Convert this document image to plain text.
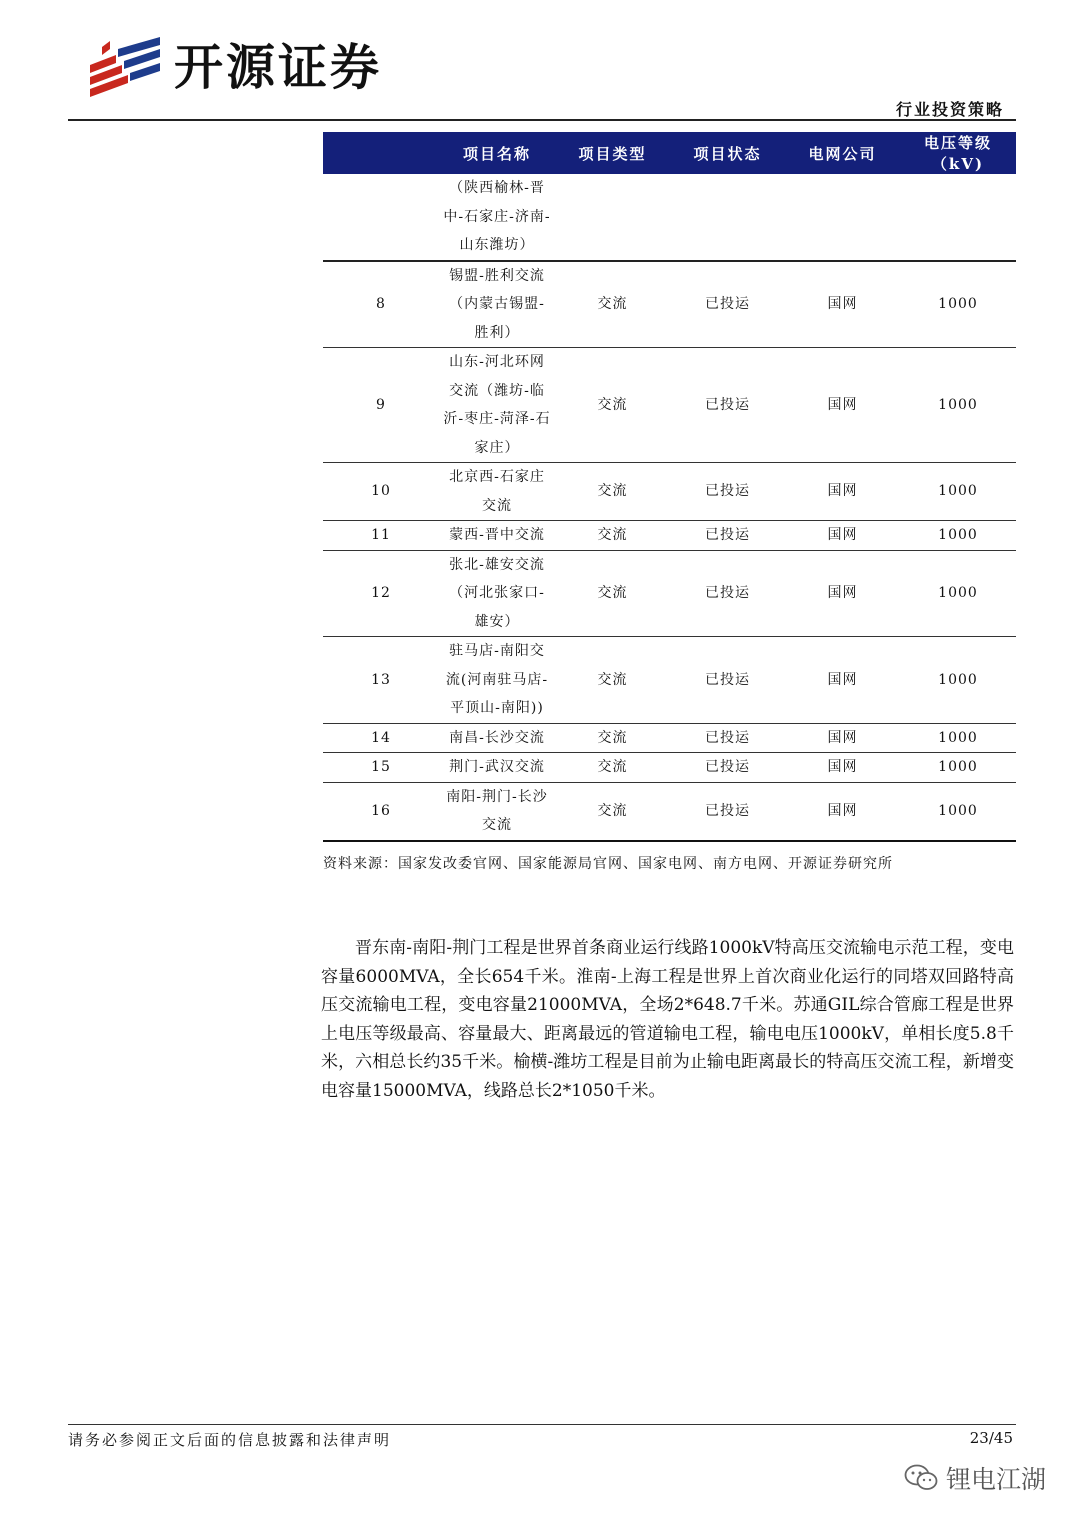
开源证券
行业投资策略
	项目名称	项目类型	项目状态	电网公司	电压等级（kV)
	（陕西榆林-晋中-石家庄-济南-山东潍坊）				
8	锡盟-胜利交流（内蒙古锡盟-胜利）	交流	已投运	国网	1000
9	山东-河北环网交流（潍坊-临沂-枣庄-菏泽-石家庄）	交流	已投运	国网	1000
10	北京西-石家庄交流	交流	已投运	国网	1000
11	蒙西-晋中交流	交流	已投运	国网	1000
12	张北-雄安交流（河北张家口-雄安）	交流	已投运	国网	1000
13	驻马店-南阳交流(河南驻马店-平顶山-南阳))	交流	已投运	国网	1000
14	南昌-长沙交流	交流	已投运	国网	1000
15	荆门-武汉交流	交流	已投运	国网	1000
16	南阳-荆门-长沙交流	交流	已投运	国网	1000
资料来源：国家发改委官网、国家能源局官网、国家电网、南方电网、开源证券研究所

晋东南-南阳-荆门工程是世界首条商业运行线路1000kV特高压交流输电示范工程，变电容量6000MVA，全长654千米。淮南-上海工程是世界上首次商业化运行的同塔双回路特高压交流输电工程，变电容量21000MVA，全场2*648.7千米。苏通GIL综合管廊工程是世界上电压等级最高、容量最大、距离最远的管道输电工程，输电电压1000kV，单相长度5.8千米，六相总长约35千米。榆横-潍坊工程是目前为止输电距离最长的特高压交流工程，新增变电容量15000MVA，线路总长2*1050千米。

请务必参阅正文后面的信息披露和法律声明	23/45
锂电江湖
